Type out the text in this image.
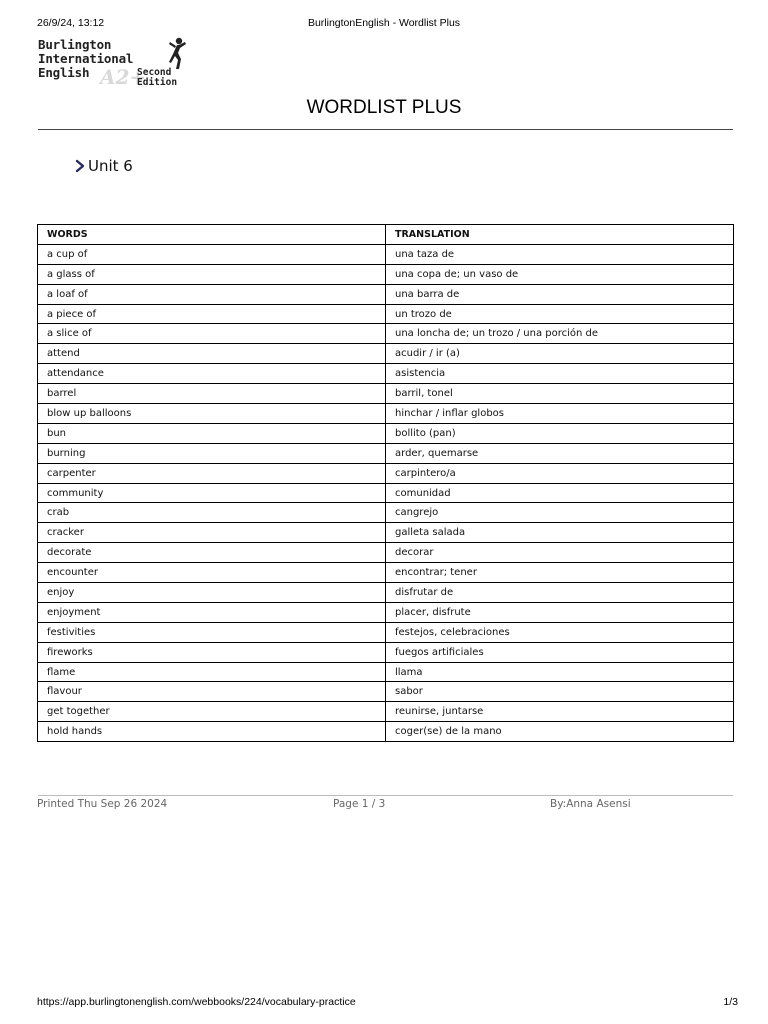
26/9/24, 13:12	BurlingtonEnglish - Wordlist Plus
Burlington
International
English A2+
Second
Edition
WORDLIST PLUS
Unit 6
WORDS	TRANSLATION
a cup of	una taza de
a glass of	una copa de; un vaso de
a loaf of	una barra de
a piece of	un trozo de
a slice of	una loncha de; un trozo / una porción de
attend	acudir / ir (a)
attendance	asistencia
barrel	barril, tonel
blow up balloons	hinchar / inflar globos
bun	bollito (pan)
burning	arder, quemarse
carpenter	carpintero/a
community	comunidad
crab	cangrejo
cracker	galleta salada
decorate	decorar
encounter	encontrar; tener
enjoy	disfrutar de
enjoyment	placer, disfrute
festivities	festejos, celebraciones
fireworks	fuegos artificiales
flame	llama
flavour	sabor
get together	reunirse, juntarse
hold hands	coger(se) de la mano
Printed Thu Sep 26 2024	Page 1 / 3	By:Anna Asensi
https://app.burlingtonenglish.com/webbooks/224/vocabulary-practice	1/3
